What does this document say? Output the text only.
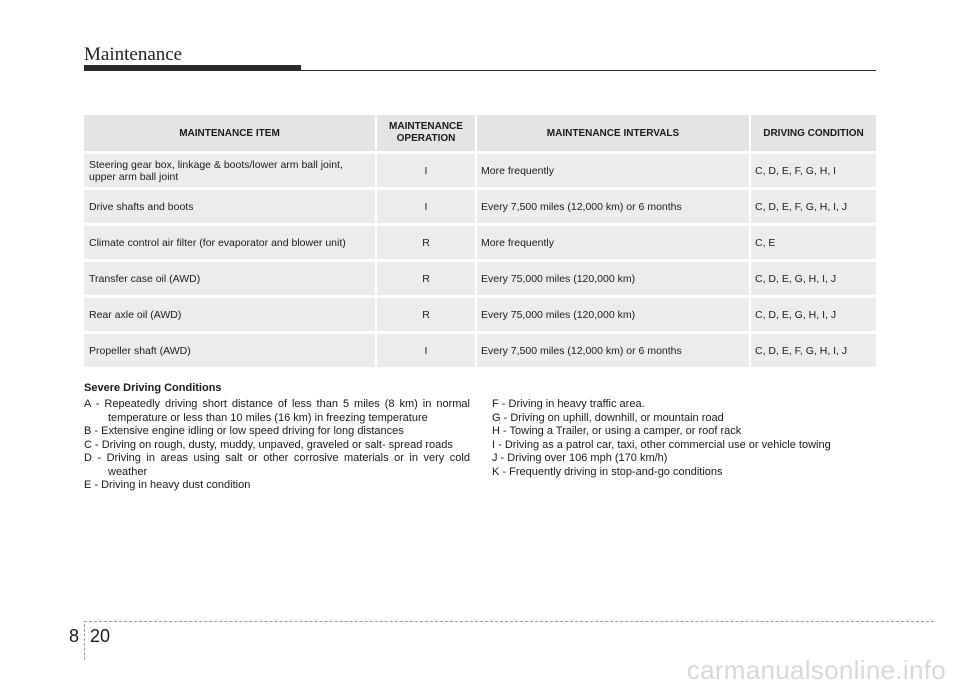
Maintenance
MAINTENANCE ITEM	MAINTENANCE OPERATION	MAINTENANCE INTERVALS	DRIVING CONDITION
Steering gear box, linkage & boots/lower arm ball joint, upper arm ball joint	I	More frequently	C, D, E, F, G, H, I
Drive shafts and boots	I	Every 7,500 miles (12,000 km) or 6 months	C, D, E, F, G, H, I, J
Climate control air filter (for evaporator and blower unit)	R	More frequently	C, E
Transfer case oil (AWD)	R	Every 75,000 miles (120,000 km)	C, D, E, G, H, I, J
Rear axle oil (AWD)	R	Every 75,000 miles (120,000 km)	C, D, E, G, H, I, J
Propeller shaft (AWD)	I	Every 7,500 miles (12,000 km) or 6 months	C, D, E, F, G, H, I, J
Severe Driving Conditions
A - Repeatedly driving short distance of less than 5 miles (8 km) in normal temperature or less than 10 miles (16 km) in freezing temperature
B - Extensive engine idling or low speed driving for long distances
C - Driving on rough, dusty, muddy, unpaved, graveled or salt- spread roads
D - Driving in areas using salt or other corrosive materials or in very cold weather
E - Driving in heavy dust condition
F - Driving in heavy traffic area.
G - Driving on uphill, downhill, or mountain road
H - Towing a Trailer, or using a camper, or roof rack
I - Driving as a patrol car, taxi, other commercial use or vehicle towing
J - Driving over 106 mph (170 km/h)
K - Frequently driving in stop-and-go conditions
8 20
carmanualsonline.info
